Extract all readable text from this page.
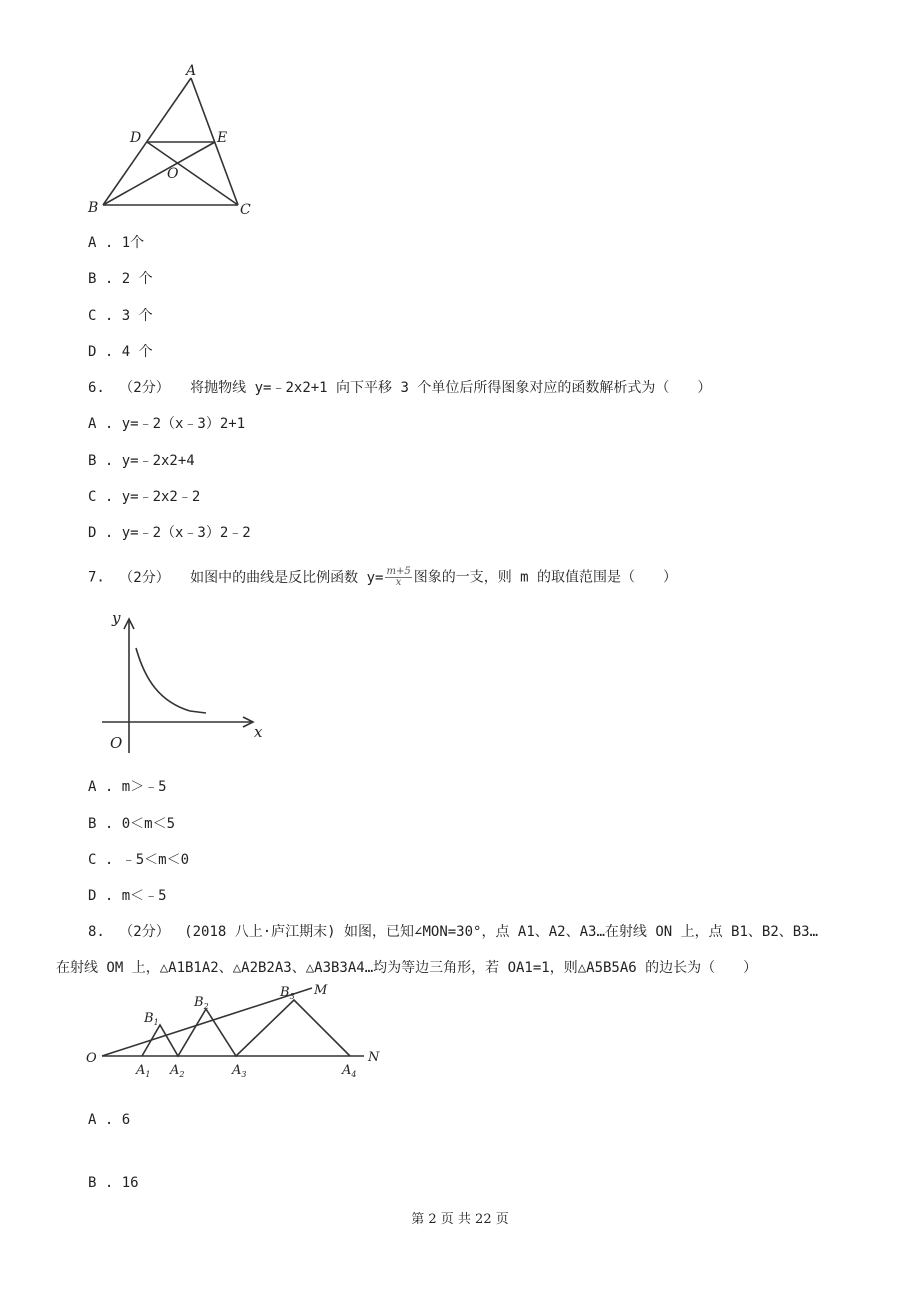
A
B	C
D	E
O
A . 1个
B . 2 个
C . 3 个
D . 4 个
6. （2分） 将抛物线 y=﹣2x2+1 向下平移 3 个单位后所得图象对应的函数解析式为（　　）
A . y=﹣2（x﹣3）2+1
B . y=﹣2x2+4
C . y=﹣2x2﹣2
D . y=﹣2（x﹣3）2﹣2
7. （2分） 如图中的曲线是反比例函数 $y= \frac{m+5}{x}$ 图象的一支，则 m 的取值范围是（　　）
y
x
O
A . m＞﹣5
B . 0＜m＜5
C . ﹣5＜m＜0
D . m＜﹣5
8. （2分） (2018 八上·庐江期末) 如图，已知∠MON=30°，点 A1、A2、A3…在射线 ON 上，点 B1、B2、B3…
在射线 OM 上，△A1B1A2、△A2B2A3、△A3B3A4…均为等边三角形，若 OA1=1，则△A5B5A6 的边长为（　　）
O	N
M
$A_1$ $A_2$	$A_3$	$A_4$
$B_1$
$B_2$
$B_3$
A . 6
B . 16
第 2 页 共 22 页
